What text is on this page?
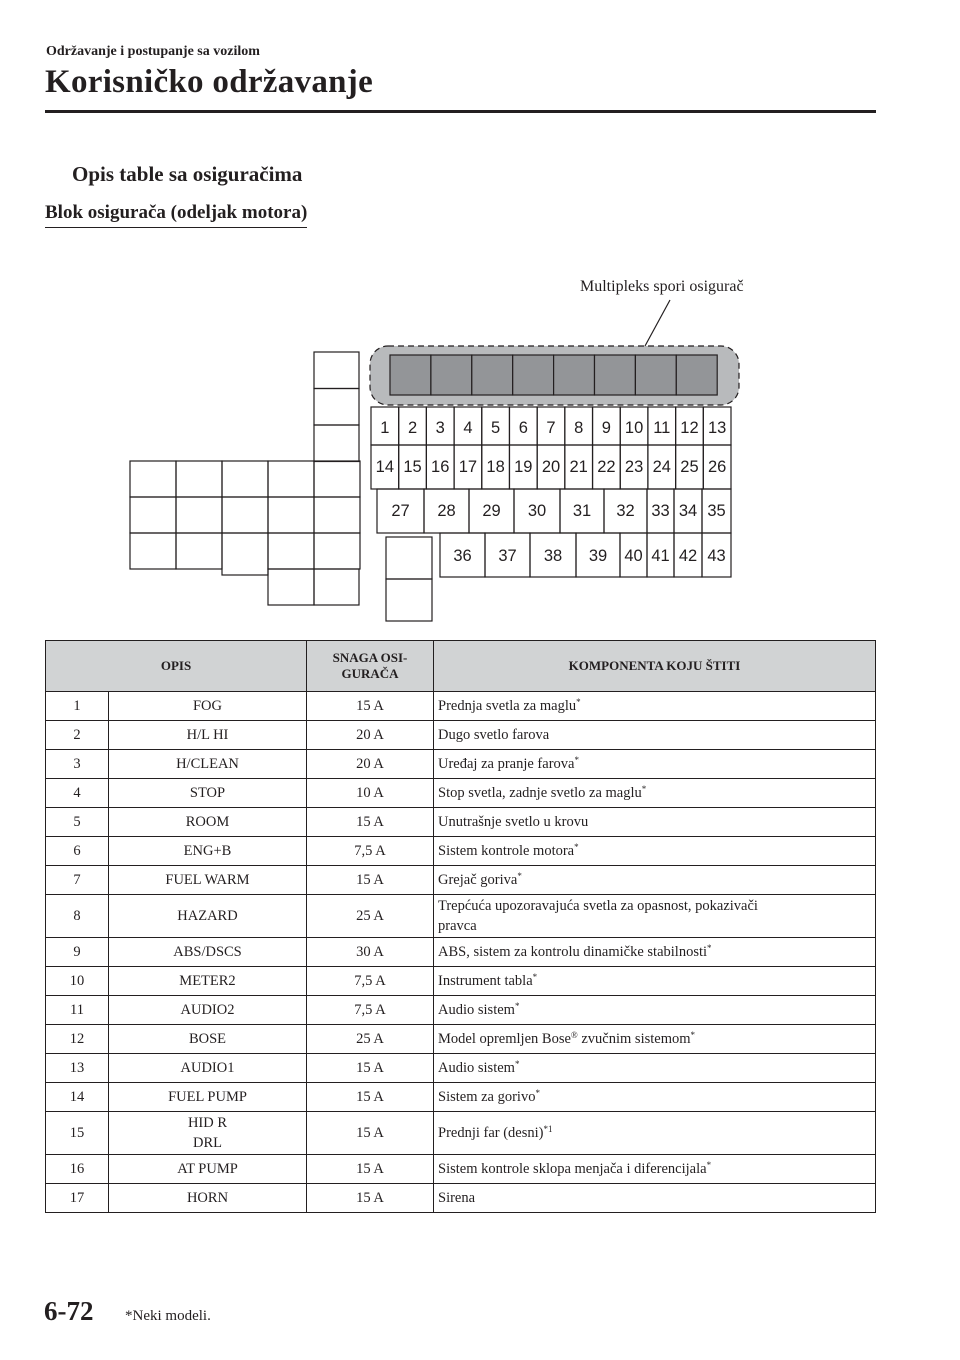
Održavanje i postupanje sa vozilom
Korisničko održavanje
Opis table sa osiguračima
Blok osigurača (odeljak motora)
Multipleks spori osigurač
1 2 3 4 5 6 7 8 9 10 11 12 13
14 15 16 17 18 19 20 21 22 23 24 25 26
27 28 29 30 31 32 33 34 35
36 37 38 39 40 41 42 43
OPIS		SNAGA OSI-
GURAČA	KOMPONENTA KOJU ŠTITI
1	FOG	15 A	Prednja svetla za maglu*
2	H/L HI	20 A	Dugo svetlo farova
3	H/CLEAN	20 A	Uređaj za pranje farova*
4	STOP	10 A	Stop svetla, zadnje svetlo za maglu*
5	ROOM	15 A	Unutrašnje svetlo u krovu
6	ENG+B	7,5 A	Sistem kontrole motora*
7	FUEL WARM	15 A	Grejač goriva*
8	HAZARD	25 A	Trepćuća upozoravajuća svetla za opasnost, pokazivači
pravca
9	ABS/DSCS	30 A	ABS, sistem za kontrolu dinamičke stabilnosti*
10	METER2	7,5 A	Instrument tabla*
11	AUDIO2	7,5 A	Audio sistem*
12	BOSE	25 A	Model opremljen Bose® zvučnim sistemom*
13	AUDIO1	15 A	Audio sistem*
14	FUEL PUMP	15 A	Sistem za gorivo*
15	HID R
DRL	15 A	Prednji far (desni)$^{*1}$
16	AT PUMP	15 A	Sistem kontrole sklopa menjača i diferencijala*
17	HORN	15 A	Sirena
6-72 *Neki modeli.
